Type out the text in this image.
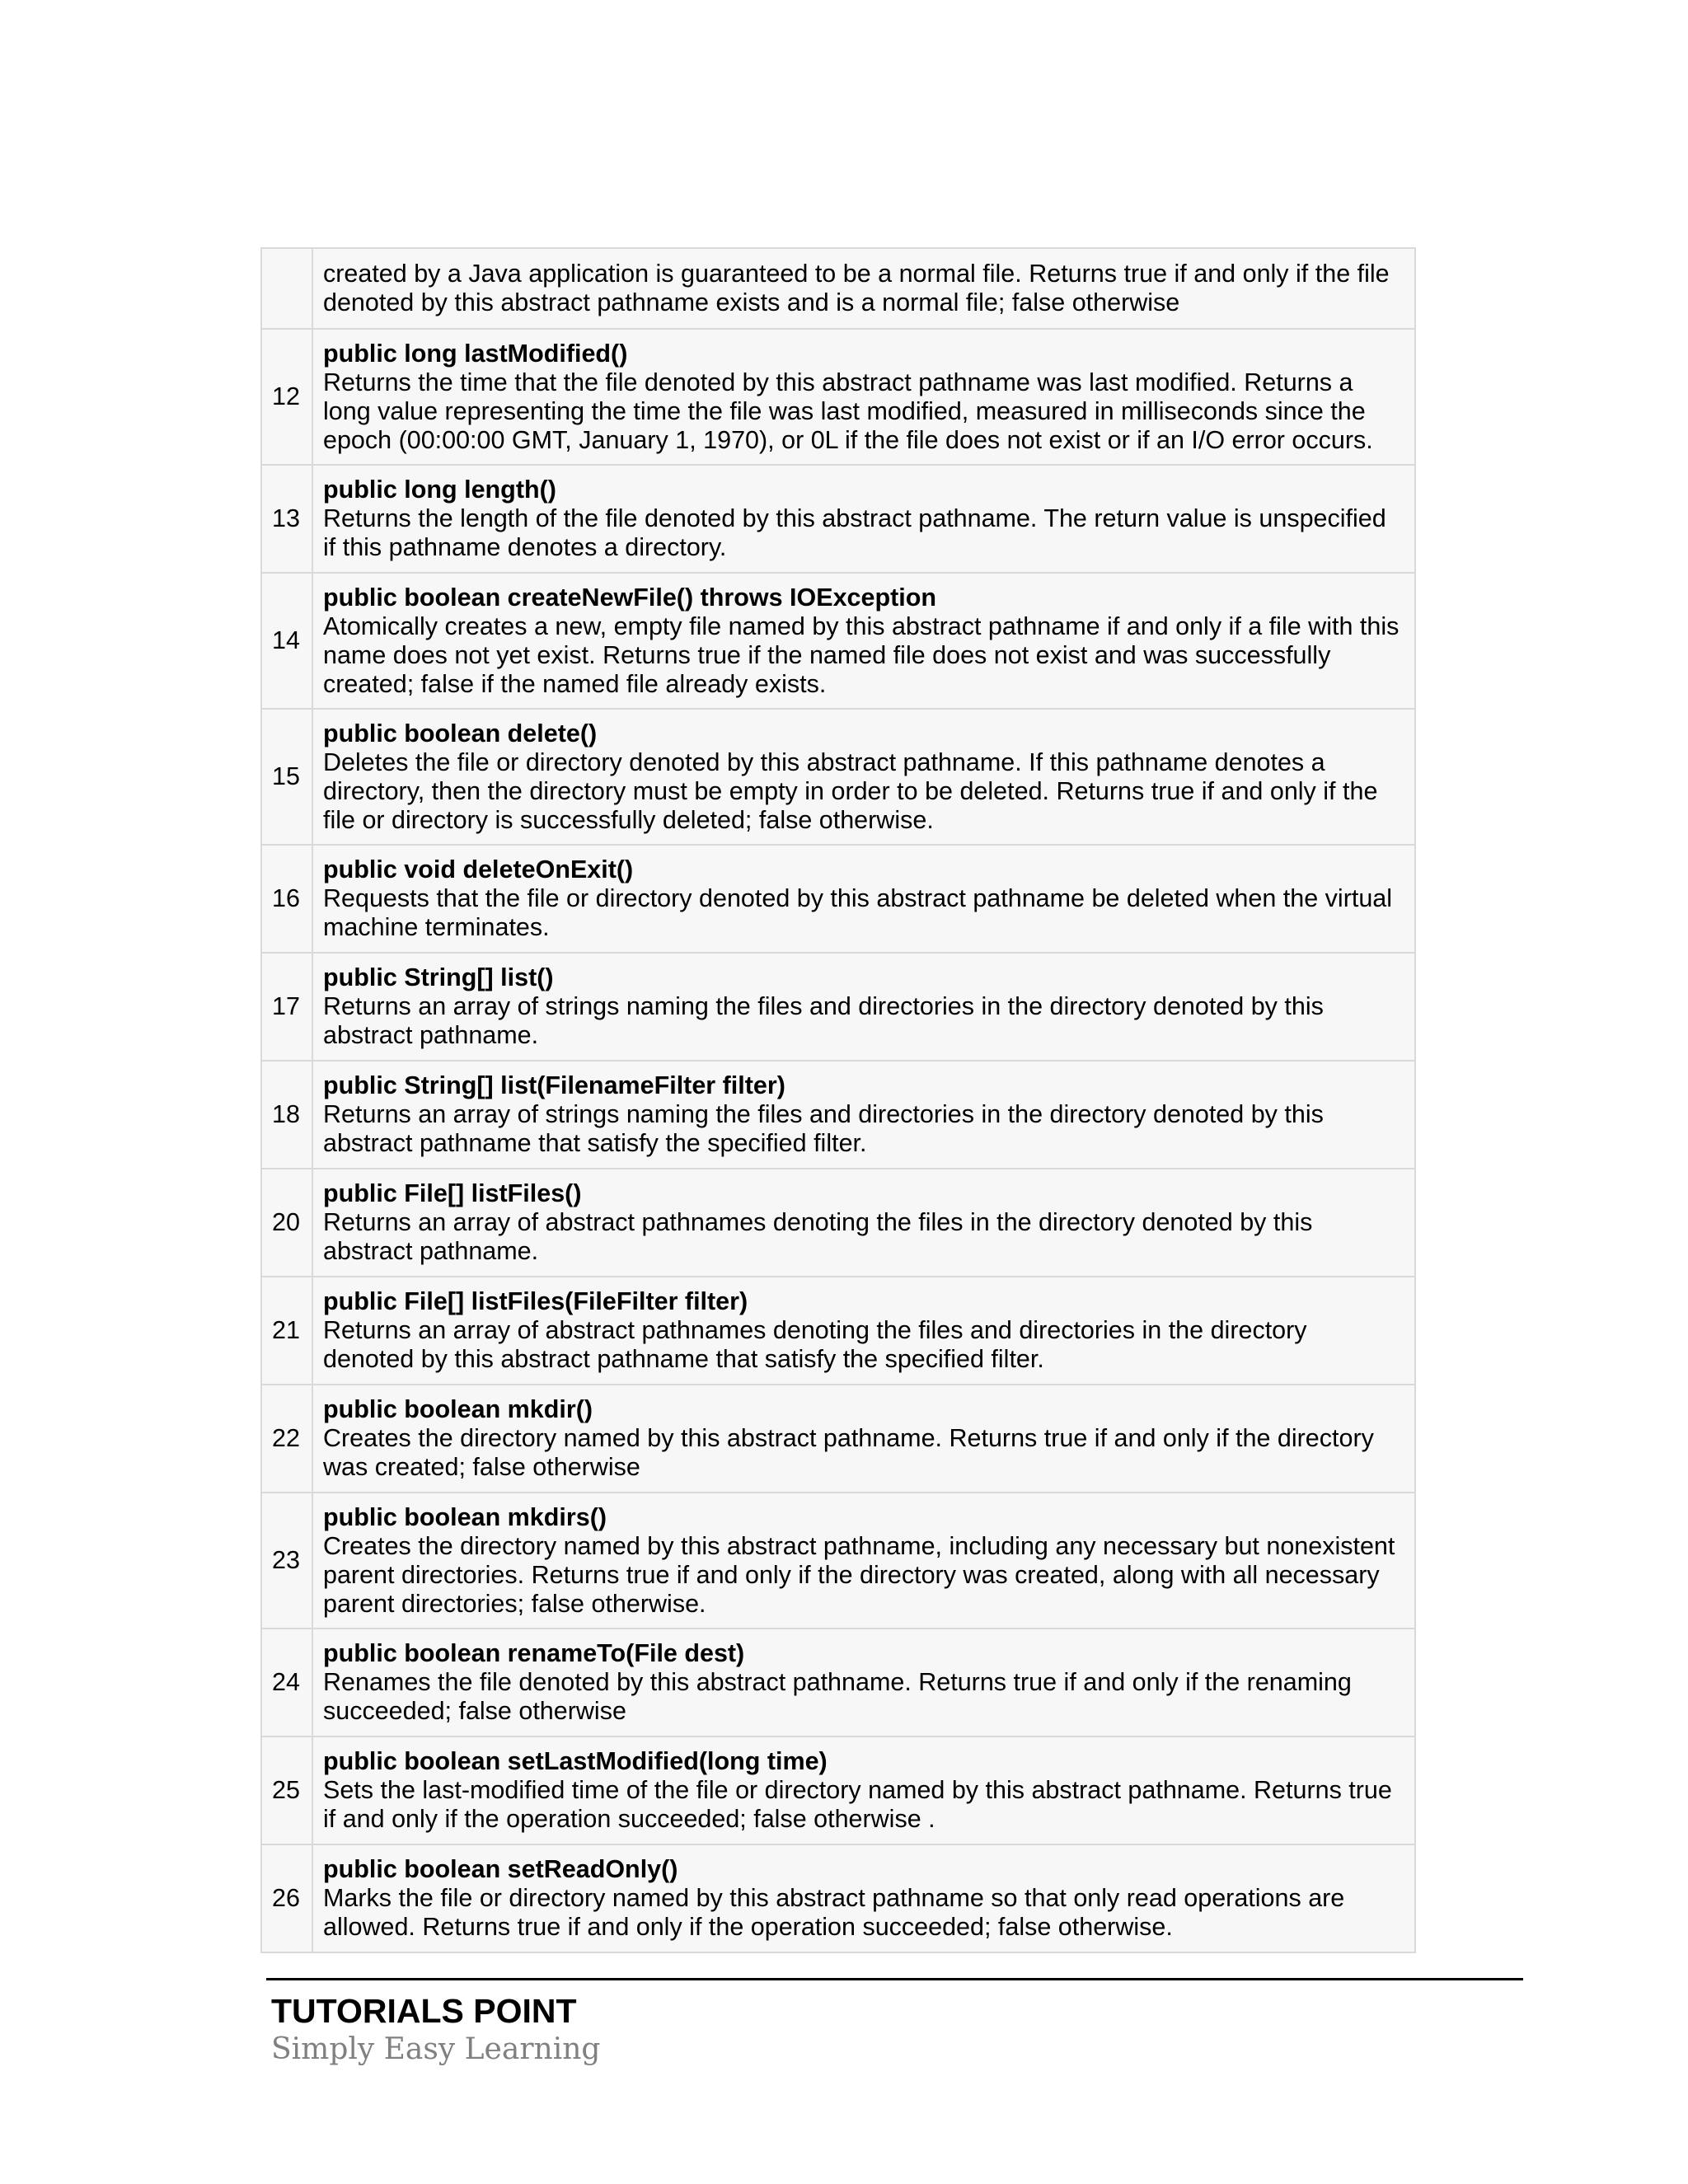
	created by a Java application is guaranteed to be a normal file. Returns true if and only if the file denoted by this abstract pathname exists and is a normal file; false otherwise

12	public long lastModified()
Returns the time that the file denoted by this abstract pathname was last modified. Returns a long value representing the time the file was last modified, measured in milliseconds since the epoch (00:00:00 GMT, January 1, 1970), or 0L if the file does not exist or if an I/O error occurs.

13	public long length()
Returns the length of the file denoted by this abstract pathname. The return value is unspecified if this pathname denotes a directory.

14	public boolean createNewFile() throws IOException
Atomically creates a new, empty file named by this abstract pathname if and only if a file with this name does not yet exist. Returns true if the named file does not exist and was successfully created; false if the named file already exists.

15	public boolean delete()
Deletes the file or directory denoted by this abstract pathname. If this pathname denotes a directory, then the directory must be empty in order to be deleted. Returns true if and only if the file or directory is successfully deleted; false otherwise.

16	public void deleteOnExit()
Requests that the file or directory denoted by this abstract pathname be deleted when the virtual machine terminates.

17	public String[] list()
Returns an array of strings naming the files and directories in the directory denoted by this abstract pathname.

18	public String[] list(FilenameFilter filter)
Returns an array of strings naming the files and directories in the directory denoted by this abstract pathname that satisfy the specified filter.

20	public File[] listFiles()
Returns an array of abstract pathnames denoting the files in the directory denoted by this abstract pathname.

21	public File[] listFiles(FileFilter filter)
Returns an array of abstract pathnames denoting the files and directories in the directory denoted by this abstract pathname that satisfy the specified filter.

22	public boolean mkdir()
Creates the directory named by this abstract pathname. Returns true if and only if the directory was created; false otherwise

23	public boolean mkdirs()
Creates the directory named by this abstract pathname, including any necessary but nonexistent parent directories. Returns true if and only if the directory was created, along with all necessary parent directories; false otherwise.

24	public boolean renameTo(File dest)
Renames the file denoted by this abstract pathname. Returns true if and only if the renaming succeeded; false otherwise

25	public boolean setLastModified(long time)
Sets the last-modified time of the file or directory named by this abstract pathname. Returns true if and only if the operation succeeded; false otherwise .

26	public boolean setReadOnly()
Marks the file or directory named by this abstract pathname so that only read operations are allowed. Returns true if and only if the operation succeeded; false otherwise.
TUTORIALS POINT
Simply Easy Learning
